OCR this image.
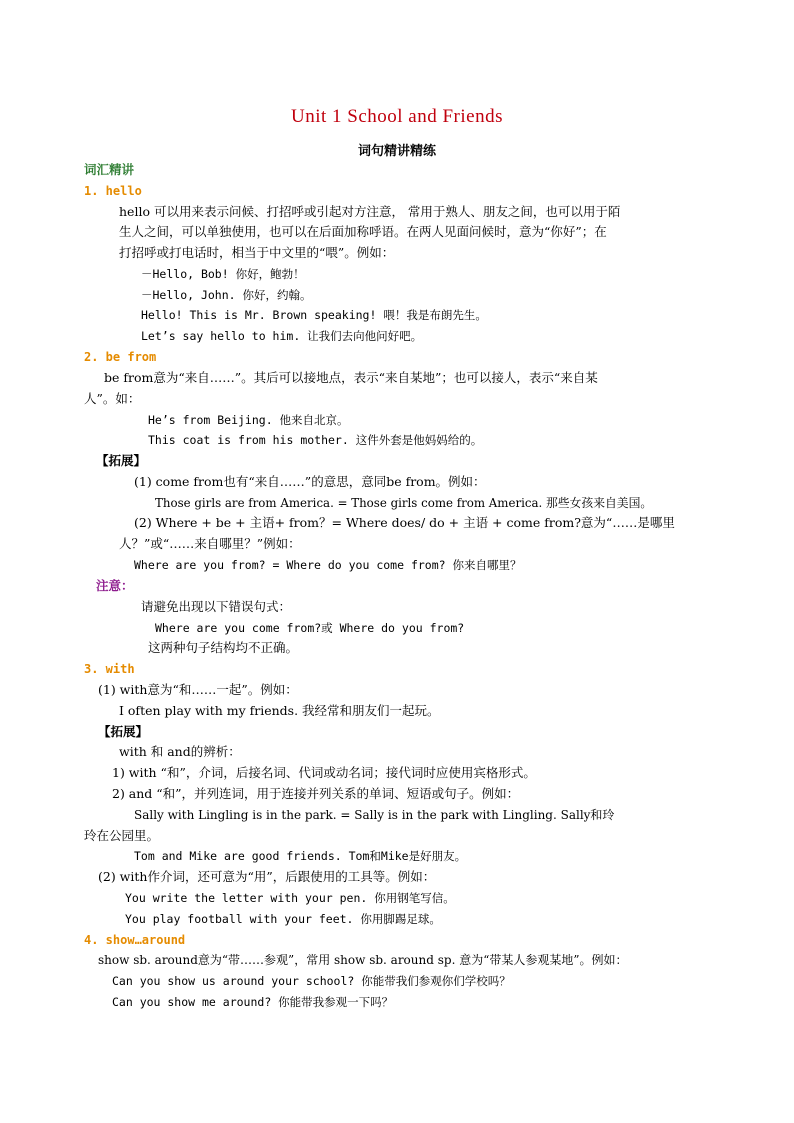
Unit 1 School and Friends
词句精讲精练
词汇精讲
1. hello
hello 可以用来表示问候、打招呼或引起对方注意， 常用于熟人、朋友之间，也可以用于陌
生人之间，可以单独使用，也可以在后面加称呼语。在两人见面问候时，意为“你好”；在
打招呼或打电话时，相当于中文里的“喂”。例如：
－Hello, Bob! 你好，鲍勃！
－Hello, John. 你好，约翰。
Hello! This is Mr. Brown speaking! 喂！我是布朗先生。
Let’s say hello to him. 让我们去向他问好吧。
2. be from
be from意为“来自……”。其后可以接地点，表示“来自某地”；也可以接人，表示“来自某
人”。如：
He’s from Beijing. 他来自北京。
This coat is from his mother. 这件外套是他妈妈给的。
【拓展】
(1) come from也有“来自……”的意思，意同be from。例如：
Those girls are from America. = Those girls come from America. 那些女孩来自美国。
(2) Where + be + 主语+ from？= Where does/ do + 主语 + come from?意为“……是哪里
人？”或“……来自哪里？”例如：
Where are you from? = Where do you come from? 你来自哪里？
注意：
请避免出现以下错误句式：
Where are you come from?或 Where do you from?
这两种句子结构均不正确。
3. with
(1) with意为“和……一起”。例如：
I often play with my friends. 我经常和朋友们一起玩。
【拓展】
with 和 and的辨析：
1) with “和”，介词，后接名词、代词或动名词；接代词时应使用宾格形式。
2) and “和”，并列连词，用于连接并列关系的单词、短语或句子。例如：
Sally with Lingling is in the park. = Sally is in the park with Lingling. Sally和玲
玲在公园里。
Tom and Mike are good friends. Tom和Mike是好朋友。
(2) with作介词，还可意为“用”，后跟使用的工具等。例如：
You write the letter with your pen. 你用钢笔写信。
You play football with your feet. 你用脚踢足球。
4. show…around
show sb. around意为“带……参观”，常用 show sb. around sp. 意为“带某人参观某地”。例如：
Can you show us around your school? 你能带我们参观你们学校吗？
Can you show me around? 你能带我参观一下吗？
